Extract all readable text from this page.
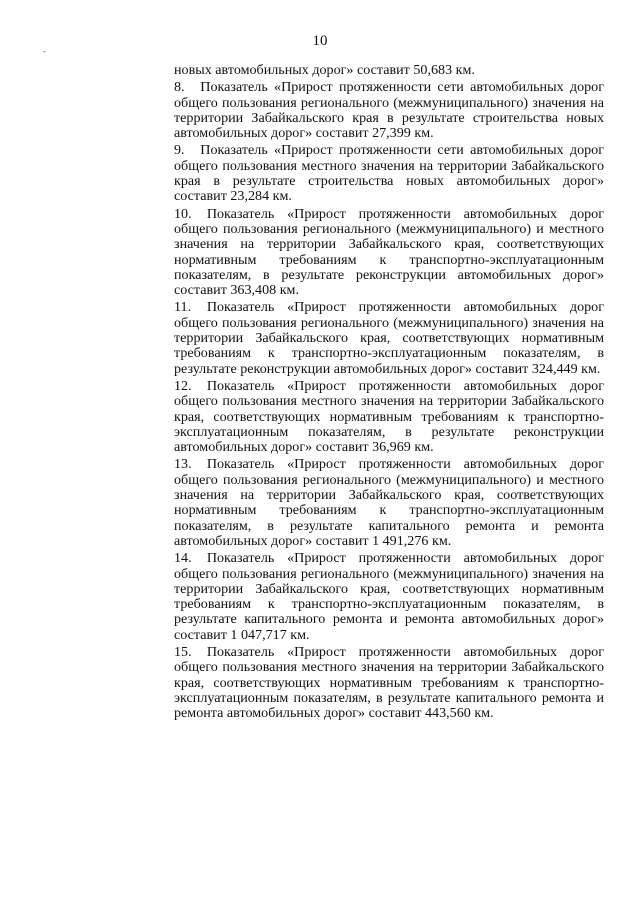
10
-

новых автомобильных дорог» составит 50,683 км.

8. Показатель «Прирост протяженности сети автомобильных дорог общего пользования регионального (межмуниципального) значения на территории Забайкальского края в результате строительства новых автомобильных дорог» составит 27,399 км.

9. Показатель «Прирост протяженности сети автомобильных дорог общего пользования местного значения на территории Забайкальского края в результате строительства новых автомобильных дорог» составит 23,284 км.

10. Показатель «Прирост протяженности автомобильных дорог общего пользования регионального (межмуниципального) и местного значения на территории Забайкальского края, соответствующих нормативным требованиям к транспортно-эксплуатационным показателям, в результате реконструкции автомобильных дорог» составит 363,408 км.

11. Показатель «Прирост протяженности автомобильных дорог общего пользования регионального (межмуниципального) значения на территории Забайкальского края, соответствующих нормативным требованиям к транспортно-эксплуатационным показателям, в результате реконструкции автомобильных дорог» составит 324,449 км.

12. Показатель «Прирост протяженности автомобильных дорог общего пользования местного значения на территории Забайкальского края, соответствующих нормативным требованиям к транспортно-эксплуатационным показателям, в результате реконструкции автомобильных дорог» составит 36,969 км.

13. Показатель «Прирост протяженности автомобильных дорог общего пользования регионального (межмуниципального) и местного значения на территории Забайкальского края, соответствующих нормативным требованиям к транспортно-эксплуатационным показателям, в результате капитального ремонта и ремонта автомобильных дорог» составит 1 491,276 км.

14. Показатель «Прирост протяженности автомобильных дорог общего пользования регионального (межмуниципального) значения на территории Забайкальского края, соответствующих нормативным требованиям к транспортно-эксплуатационным показателям, в результате капитального ремонта и ремонта автомобильных дорог» составит 1 047,717 км.

15. Показатель «Прирост протяженности автомобильных дорог общего пользования местного значения на территории Забайкальского края, соответствующих нормативным требованиям к транспортно-эксплуатационным показателям, в результате капитального ремонта и ремонта автомобильных дорог» составит 443,560 км.
